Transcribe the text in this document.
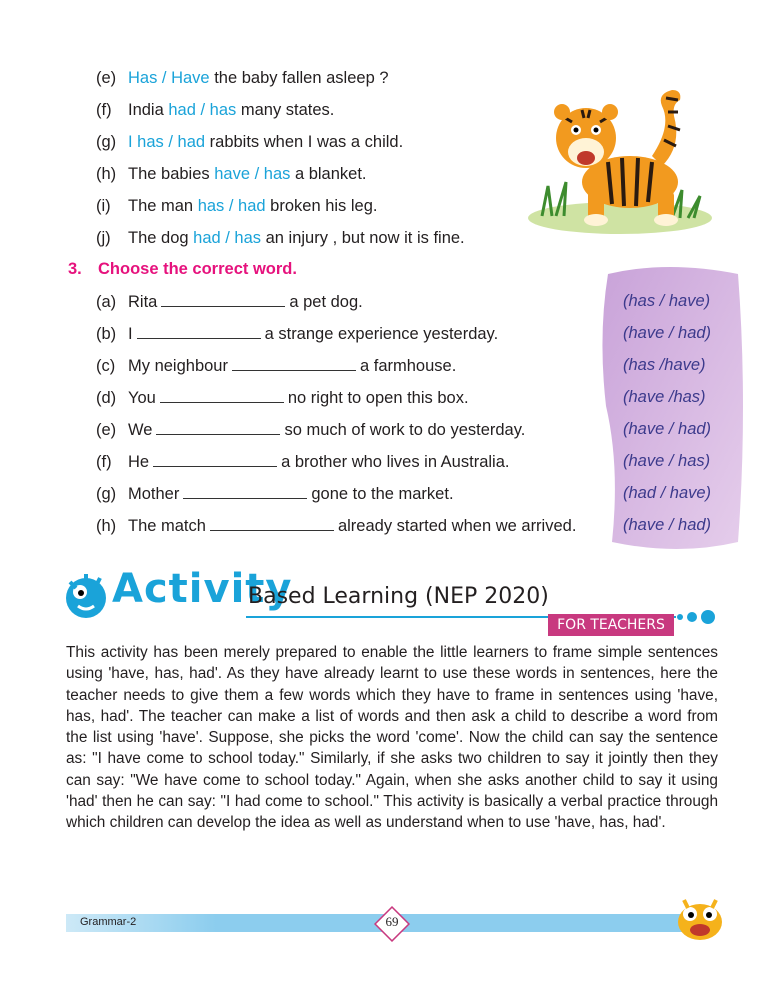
(e) Has / Have the baby fallen asleep ?
(f) India had / has many states.
(g) I has / had rabbits when I was a child.
(h) The babies have / has a blanket.
(i) The man has / had broken his leg.
(j) The dog had / has an injury , but now it is fine.
3. Choose the correct word.
(a) Rita	a pet dog.	(has / have)
(b) I	a strange experience yesterday.	(have / had)
(c) My neighbour	a farmhouse.	(has /have)
(d) You	no right to open this box.	(have /has)
(e) We	so much of work to do yesterday.	(have / had)
(f) He	a brother who lives in Australia.	(have / has)
(g) Mother	gone to the market.	(had / have)
(h) The match	already started when we arrived.	(have / had)
Activity
Based Learning (NEP 2020)
FOR TEACHERS
This activity has been merely prepared to enable the little learners to frame simple sentences using 'have, has, had'. As they have already learnt to use these words in sentences, here the teacher needs to give them a few words which they have to frame in sentences using 'have, has, had'. The teacher can make a list of words and then ask a child to describe a word from the list using 'have'. Suppose, she picks the word 'come'. Now the child can say the sentence as: "I have come to school today." Similarly, if she asks two children to say it jointly then they can say: "We have come to school today." Again, when she asks another child to say it using 'had' then he can say: "I had come to school." This activity is basically a verbal practice through which children can develop the idea as well as understand when to use 'have, has, had'.
Grammar-2	69
